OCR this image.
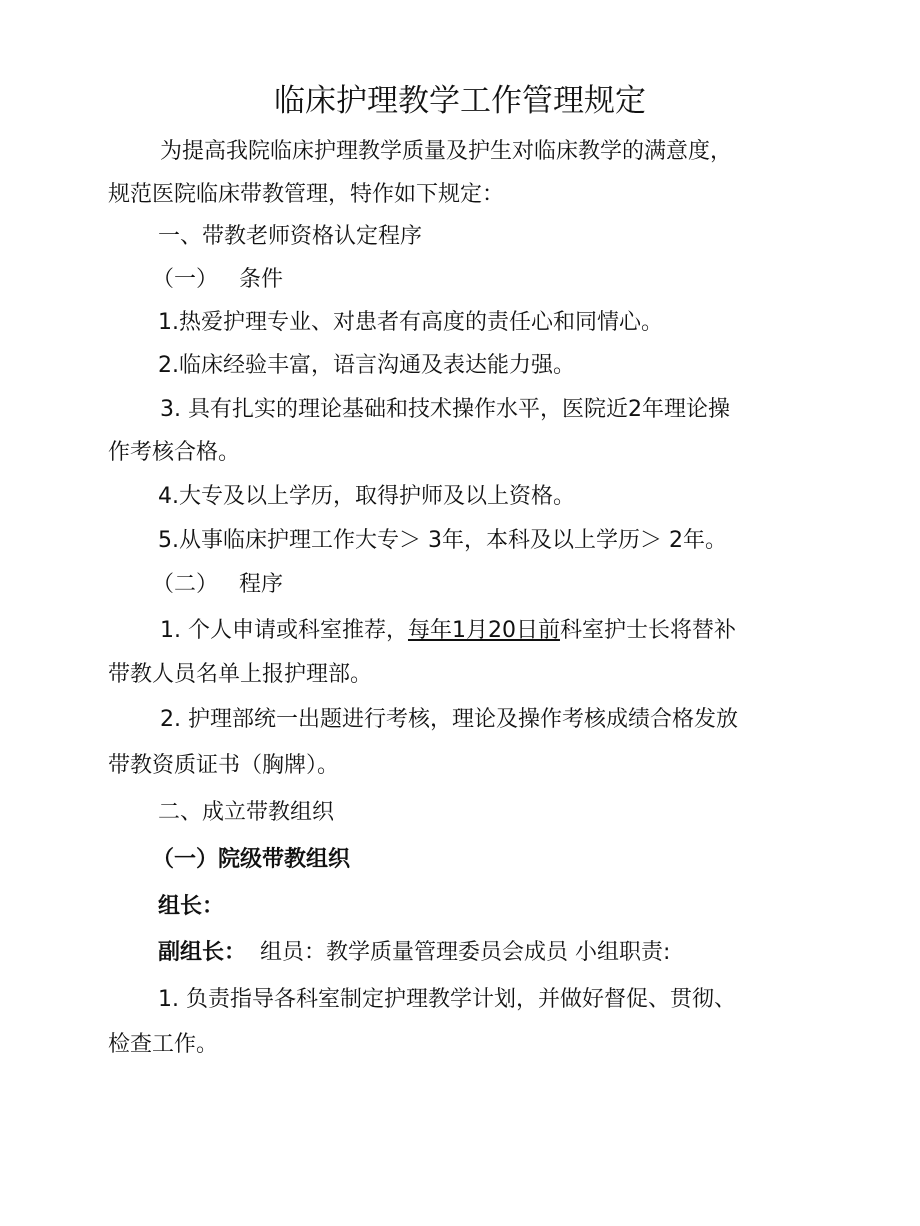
临床护理教学工作管理规定
为提高我院临床护理教学质量及护生对临床教学的满意度，
规范医院临床带教管理，特作如下规定：
一、带教老师资格认定程序
（一） 条件
1.热爱护理专业、对患者有高度的责任心和同情心。
2.临床经验丰富，语言沟通及表达能力强。
3. 具有扎实的理论基础和技术操作水平，医院近2年理论操
作考核合格。
4.大专及以上学历，取得护师及以上资格。
5.从事临床护理工作大专＞ 3年，本科及以上学历＞ 2年。
（二） 程序
1. 个人申请或科室推荐，每年1月20日前科室护士长将替补
带教人员名单上报护理部。
2. 护理部统一出题进行考核，理论及操作考核成绩合格发放
带教资质证书（胸牌）。
二、成立带教组织
（一）院级带教组织
组长：
副组长： 组员：教学质量管理委员会成员 小组职责:
1. 负责指导各科室制定护理教学计划，并做好督促、贯彻、
检查工作。
